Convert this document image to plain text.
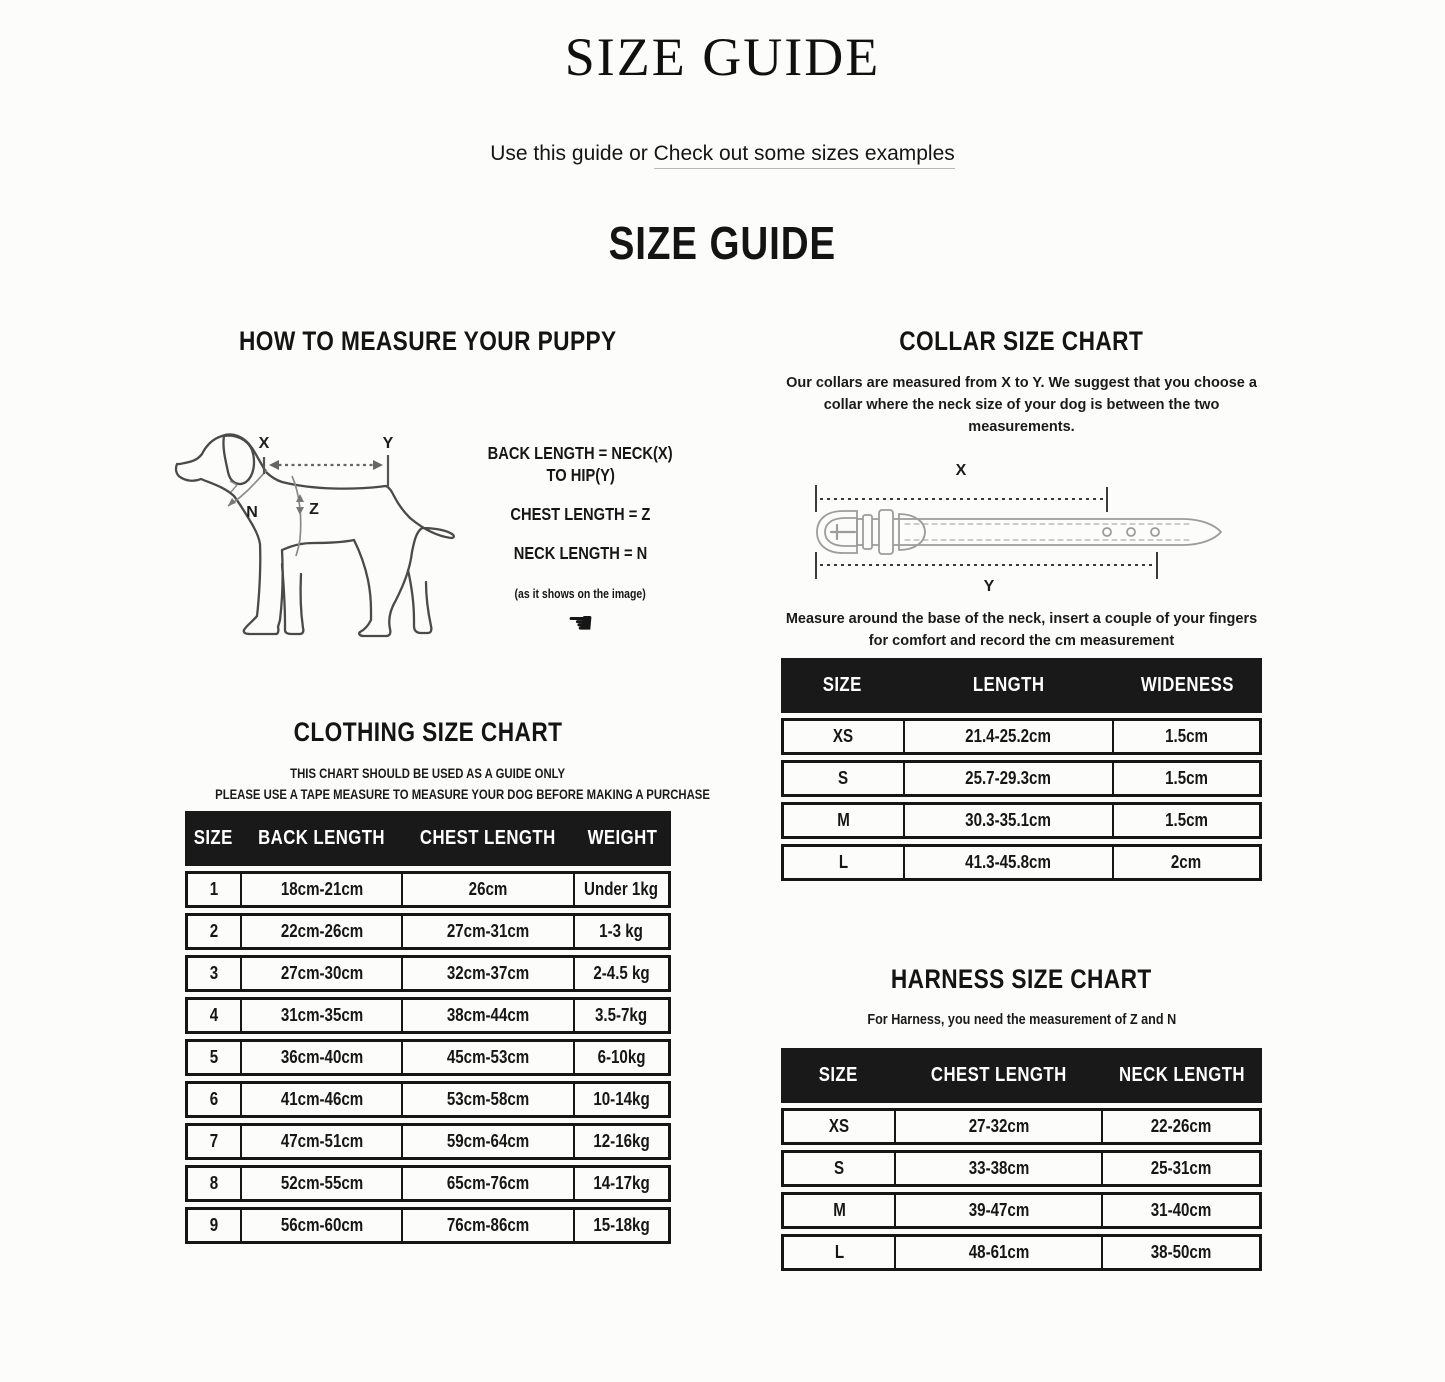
SIZE GUIDE

Use this guide or Check out some sizes examples

SIZE GUIDE
HOW TO MEASURE YOUR PUPPY
X	Y
N	Z

BACK LENGTH = NECK(X)
TO HIP(Y)

CHEST LENGTH = Z

NECK LENGTH = N

(as it shows on the image)

☚
CLOTHING SIZE CHART

THIS CHART SHOULD BE USED AS A GUIDE ONLY

PLEASE USE A TAPE MEASURE TO MEASURE YOUR DOG BEFORE MAKING A PURCHASE

SIZE	BACK LENGTH	CHEST LENGTH	WEIGHT
1	18cm-21cm	26cm	Under 1kg
2	22cm-26cm	27cm-31cm	1-3 kg
3	27cm-30cm	32cm-37cm	2-4.5 kg
4	31cm-35cm	38cm-44cm	3.5-7kg
5	36cm-40cm	45cm-53cm	6-10kg
6	41cm-46cm	53cm-58cm	10-14kg
7	47cm-51cm	59cm-64cm	12-16kg
8	52cm-55cm	65cm-76cm	14-17kg
9	56cm-60cm	76cm-86cm	15-18kg
COLLAR SIZE CHART

Our collars are measured from X to Y. We suggest that you choose a collar where the neck size of your dog is between the two measurements.

X
Y

Measure around the base of the neck, insert a couple of your fingers for comfort and record the cm measurement

SIZE	LENGTH	WIDENESS
XS	21.4-25.2cm	1.5cm
S	25.7-29.3cm	1.5cm
M	30.3-35.1cm	1.5cm
L	41.3-45.8cm	2cm
HARNESS SIZE CHART

For Harness, you need the measurement of Z and N

SIZE	CHEST LENGTH	NECK LENGTH
XS	27-32cm	22-26cm
S	33-38cm	25-31cm
M	39-47cm	31-40cm
L	48-61cm	38-50cm
